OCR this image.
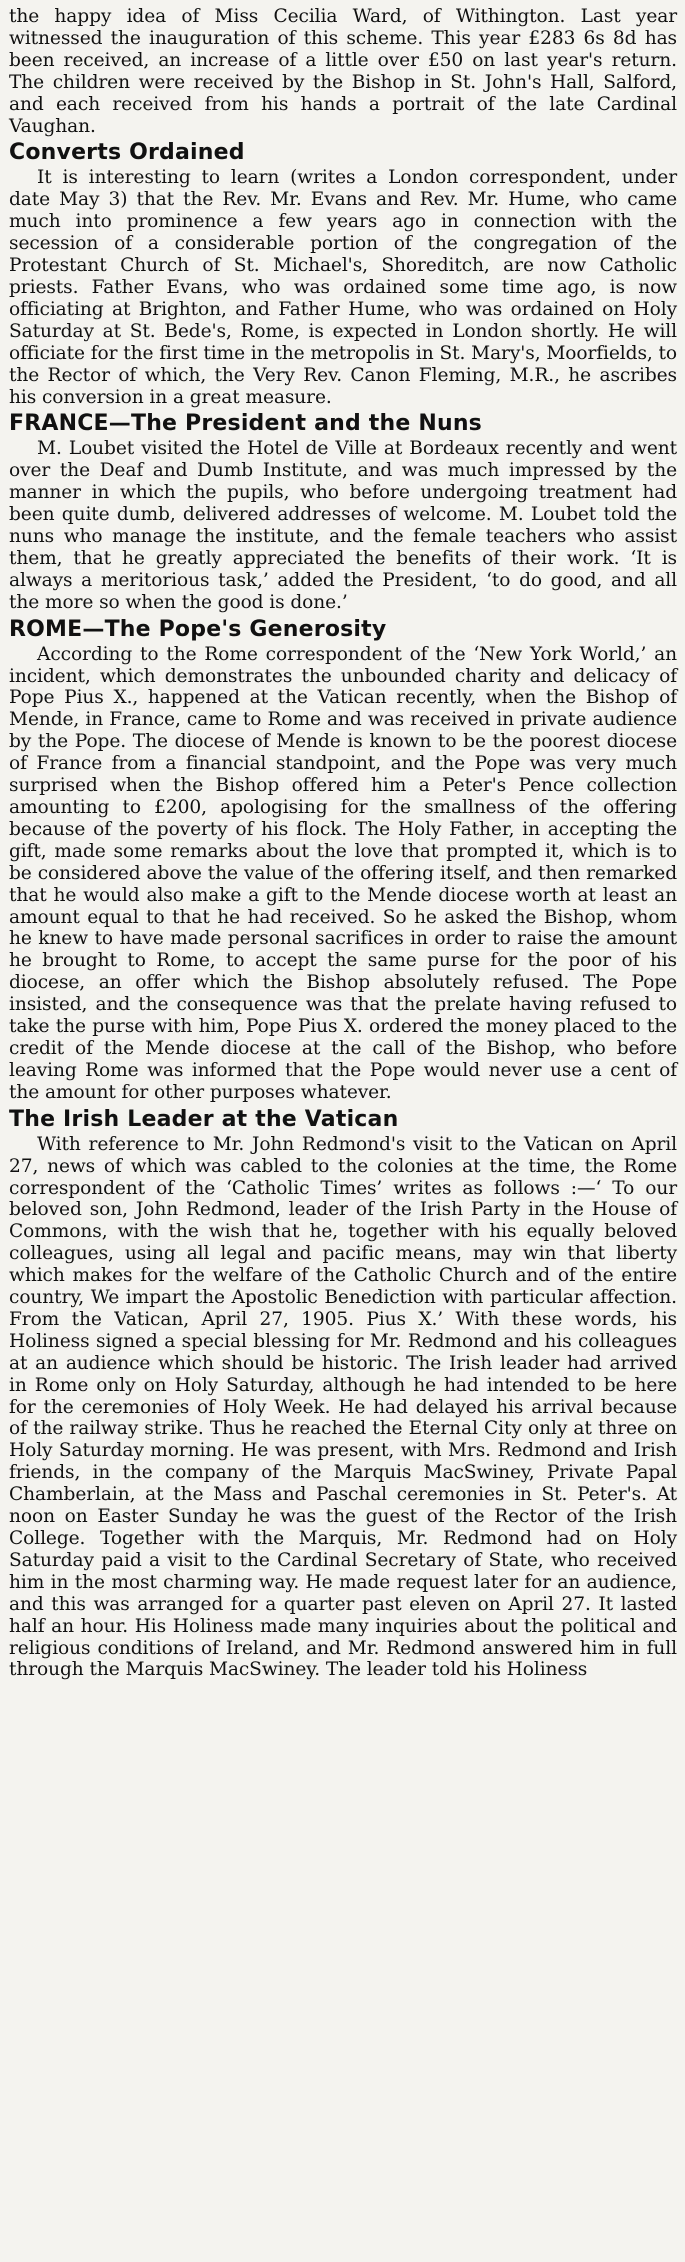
the happy idea of Miss Cecilia Ward, of Withington. Last year witnessed the inauguration of this scheme. This year £283 6s 8d has been received, an increase of a little over £50 on last year's return. The children were received by the Bishop in St. John's Hall, Salford, and each received from his hands a portrait of the late Cardinal Vaughan.

Converts Ordained

It is interesting to learn (writes a London correspondent, under date May 3) that the Rev. Mr. Evans and Rev. Mr. Hume, who came much into prominence a few years ago in connection with the secession of a considerable portion of the congregation of the Protestant Church of St. Michael's, Shoreditch, are now Catholic priests. Father Evans, who was ordained some time ago, is now officiating at Brighton, and Father Hume, who was ordained on Holy Saturday at St. Bede's, Rome, is expected in London shortly. He will officiate for the first time in the metropolis in St. Mary's, Moorfields, to the Rector of which, the Very Rev. Canon Fleming, M.R., he ascribes his conversion in a great measure.

FRANCE—The President and the Nuns

M. Loubet visited the Hotel de Ville at Bordeaux recently and went over the Deaf and Dumb Institute, and was much impressed by the manner in which the pupils, who before undergoing treatment had been quite dumb, delivered addresses of welcome. M. Loubet told the nuns who manage the institute, and the female teachers who assist them, that he greatly appreciated the benefits of their work. ‘It is always a meritorious task,’ added the President, ‘to do good, and all the more so when the good is done.’

ROME—The Pope's Generosity

According to the Rome correspondent of the ‘New York World,’ an incident, which demonstrates the unbounded charity and delicacy of Pope Pius X., happened at the Vatican recently, when the Bishop of Mende, in France, came to Rome and was received in private audience by the Pope. The diocese of Mende is known to be the poorest diocese of France from a financial standpoint, and the Pope was very much surprised when the Bishop offered him a Peter's Pence collection amounting to £200, apologising for the smallness of the offering because of the poverty of his flock. The Holy Father, in accepting the gift, made some remarks about the love that prompted it, which is to be considered above the value of the offering itself, and then remarked that he would also make a gift to the Mende diocese worth at least an amount equal to that he had received. So he asked the Bishop, whom he knew to have made personal sacrifices in order to raise the amount he brought to Rome, to accept the same purse for the poor of his diocese, an offer which the Bishop absolutely refused. The Pope insisted, and the consequence was that the prelate having refused to take the purse with him, Pope Pius X. ordered the money placed to the credit of the Mende diocese at the call of the Bishop, who before leaving Rome was informed that the Pope would never use a cent of the amount for other purposes whatever.

The Irish Leader at the Vatican

With reference to Mr. John Redmond's visit to the Vatican on April 27, news of which was cabled to the colonies at the time, the Rome correspondent of the ‘Catholic Times’ writes as follows :—‘ To our beloved son, John Redmond, leader of the Irish Party in the House of Commons, with the wish that he, together with his equally beloved colleagues, using all legal and pacific means, may win that liberty which makes for the welfare of the Catholic Church and of the entire country, We impart the Apostolic Benediction with particular affection. From the Vatican, April 27, 1905. Pius X.’ With these words, his Holiness signed a special blessing for Mr. Redmond and his colleagues at an audience which should be historic. The Irish leader had arrived in Rome only on Holy Saturday, although he had intended to be here for the ceremonies of Holy Week. He had delayed his arrival because of the railway strike. Thus he reached the Eternal City only at three on Holy Saturday morning. He was present, with Mrs. Redmond and Irish friends, in the company of the Marquis MacSwiney, Private Papal Chamberlain, at the Mass and Paschal ceremonies in St. Peter's. At noon on Easter Sunday he was the guest of the Rector of the Irish College. Together with the Marquis, Mr. Redmond had on Holy Saturday paid a visit to the Cardinal Secretary of State, who received him in the most charming way. He made request later for an audience, and this was arranged for a quarter past eleven on April 27. It lasted half an hour. His Holiness made many inquiries about the political and religious conditions of Ireland, and Mr. Redmond answered him in full through the Marquis MacSwiney. The leader told his Holiness
